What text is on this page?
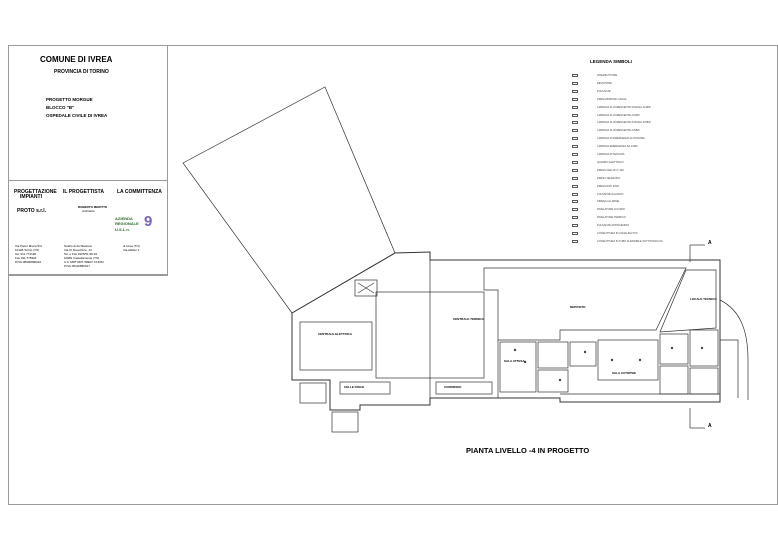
COMUNE DI IVREA
PROVINCIA DI TORINO
PROGETTO MORGUE
BLOCCO "B"
OSPEDALE CIVILE DI IVREA
PROGETTAZIONE IMPIANTI
IL PROGETTISTA	LA COMMITTENZA
PROTO s.r.l.
ROBERTO MERITTO
Architetto
AZIENDA
REGIONALE
U.S.L.n. 9
Via Pietro Micca 5/d
10128 Torino (TO)
Tel. 011 772190
Fax 011 775904
P.IVA 08900890016
Studio di Architettura
Via IV Novembre, 13
Tel. e Fax 0125/51 58 40
10081 Castellamonte (TO)
C.F. MRT RRT 58E07 C133M
P.IVA 05119580017
di Ivrea (TO)
Via Aldisio 2
LEGENDA SIMBOLI
INTERRUTTORE
DEVIATORE
PULSANTE
PRESA BIPASSO 10/16A
LAMPADA FLUORESCENTE STAGNA 2x36W
LAMPADA FLUORESCENTE 2x36W
LAMPADA FLUORESCENTE STAGNA 2x58W
LAMPADA FLUORESCENTE 2x58W
LAMPADA DI EMERGENZA AUTONOMA
LAMPADA EMERGENZA SA 1x8W
LAMPADA ATTENUATA
QUADRO ELETTRICO
PRESA CEE 2P+T 16A
PRESA TELEFONO
PRESA DATI RJ45
PULSANTE SGANCIO
SIRENA ALLARME
RIVELATORE DI FUMO
RIVELATORE TERMICO
PULSANTE ANTINCENDIO
CONDUTTURA IN CANALINA PVC
CONDUTTURA IN TUBO FLESSIBILE SOTTOTRACCIA
CENTRALE ELETTRICA
CENTRALE TERMICA
DEPOSITO
SALA ATTESA
CORRIDOIO
SALA AUTOPSIE
LOCALE TECNICO
CELLE FRIGO
A
A
PIANTA LIVELLO -4 IN PROGETTO
